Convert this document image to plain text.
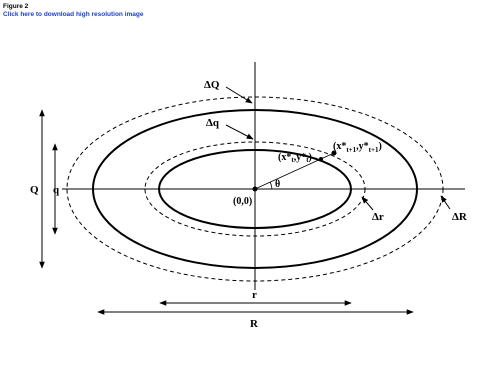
Figure 2
Click here to download high resolution image
ΔQ
Δq
Q q
(0,0)
θ
$(x*_t,y*_t)$
$(x*_{t+1},y*_{t+1})$
Δr	ΔR
r
R
